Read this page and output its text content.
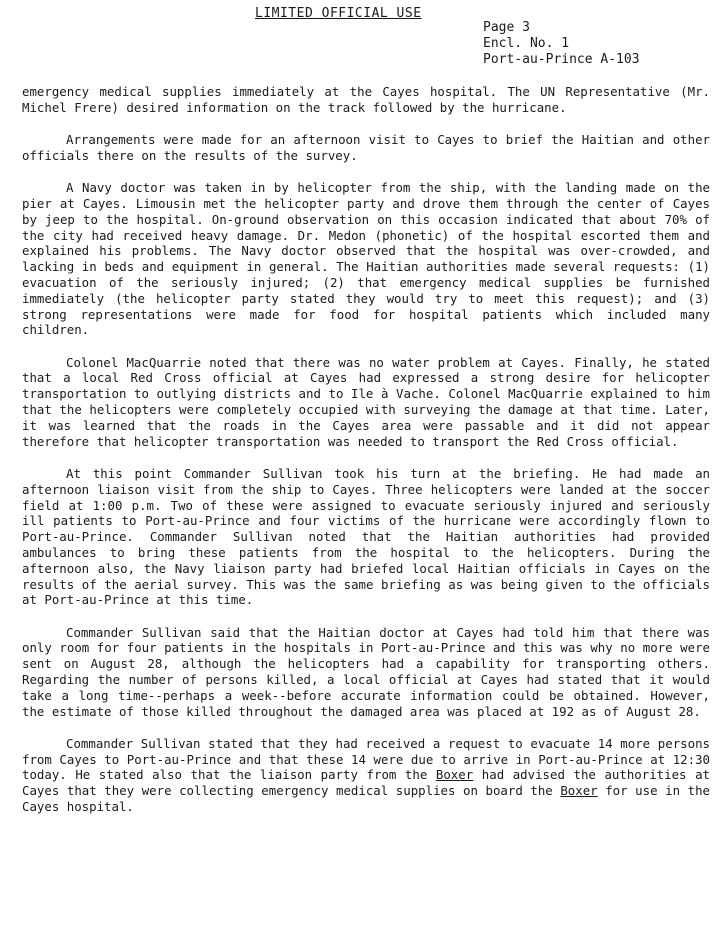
LIMITED OFFICIAL USE
Page 3
Encl. No. 1
Port-au-Prince A-103

emergency medical supplies immediately at the Cayes hospital. The UN Representative (Mr. Michel Frere) desired information on the track followed by the hurricane.

Arrangements were made for an afternoon visit to Cayes to brief the Haitian and other officials there on the results of the survey.

A Navy doctor was taken in by helicopter from the ship, with the landing made on the pier at Cayes. Limousin met the helicopter party and drove them through the center of Cayes by jeep to the hospital. On-ground observation on this occasion indicated that about 70% of the city had received heavy damage. Dr. Medon (phonetic) of the hospital escorted them and explained his problems. The Navy doctor observed that the hospital was over-crowded, and lacking in beds and equipment in general. The Haitian authorities made several requests: (1) evacuation of the seriously injured; (2) that emergency medical supplies be furnished immediately (the helicopter party stated they would try to meet this request); and (3) strong representations were made for food for hospital patients which included many children.

Colonel MacQuarrie noted that there was no water problem at Cayes. Finally, he stated that a local Red Cross official at Cayes had expressed a strong desire for helicopter transportation to outlying districts and to Ile à Vache. Colonel MacQuarrie explained to him that the helicopters were completely occupied with surveying the damage at that time. Later, it was learned that the roads in the Cayes area were passable and it did not appear therefore that helicopter transportation was needed to transport the Red Cross official.

At this point Commander Sullivan took his turn at the briefing. He had made an afternoon liaison visit from the ship to Cayes. Three helicopters were landed at the soccer field at 1:00 p.m. Two of these were assigned to evacuate seriously injured and seriously ill patients to Port-au-Prince and four victims of the hurricane were accordingly flown to Port-au-Prince. Commander Sullivan noted that the Haitian authorities had provided ambulances to bring these patients from the hospital to the helicopters. During the afternoon also, the Navy liaison party had briefed local Haitian officials in Cayes on the results of the aerial survey. This was the same briefing as was being given to the officials at Port-au-Prince at this time.

Commander Sullivan said that the Haitian doctor at Cayes had told him that there was only room for four patients in the hospitals in Port-au-Prince and this was why no more were sent on August 28, although the helicopters had a capability for transporting others. Regarding the number of persons killed, a local official at Cayes had stated that it would take a long time--perhaps a week--before accurate information could be obtained. However, the estimate of those killed throughout the damaged area was placed at 192 as of August 28.

Commander Sullivan stated that they had received a request to evacuate 14 more persons from Cayes to Port-au-Prince and that these 14 were due to arrive in Port-au-Prince at 12:30 today. He stated also that the liaison party from the Boxer had advised the authorities at Cayes that they were collecting emergency medical supplies on board the Boxer for use in the Cayes hospital.
